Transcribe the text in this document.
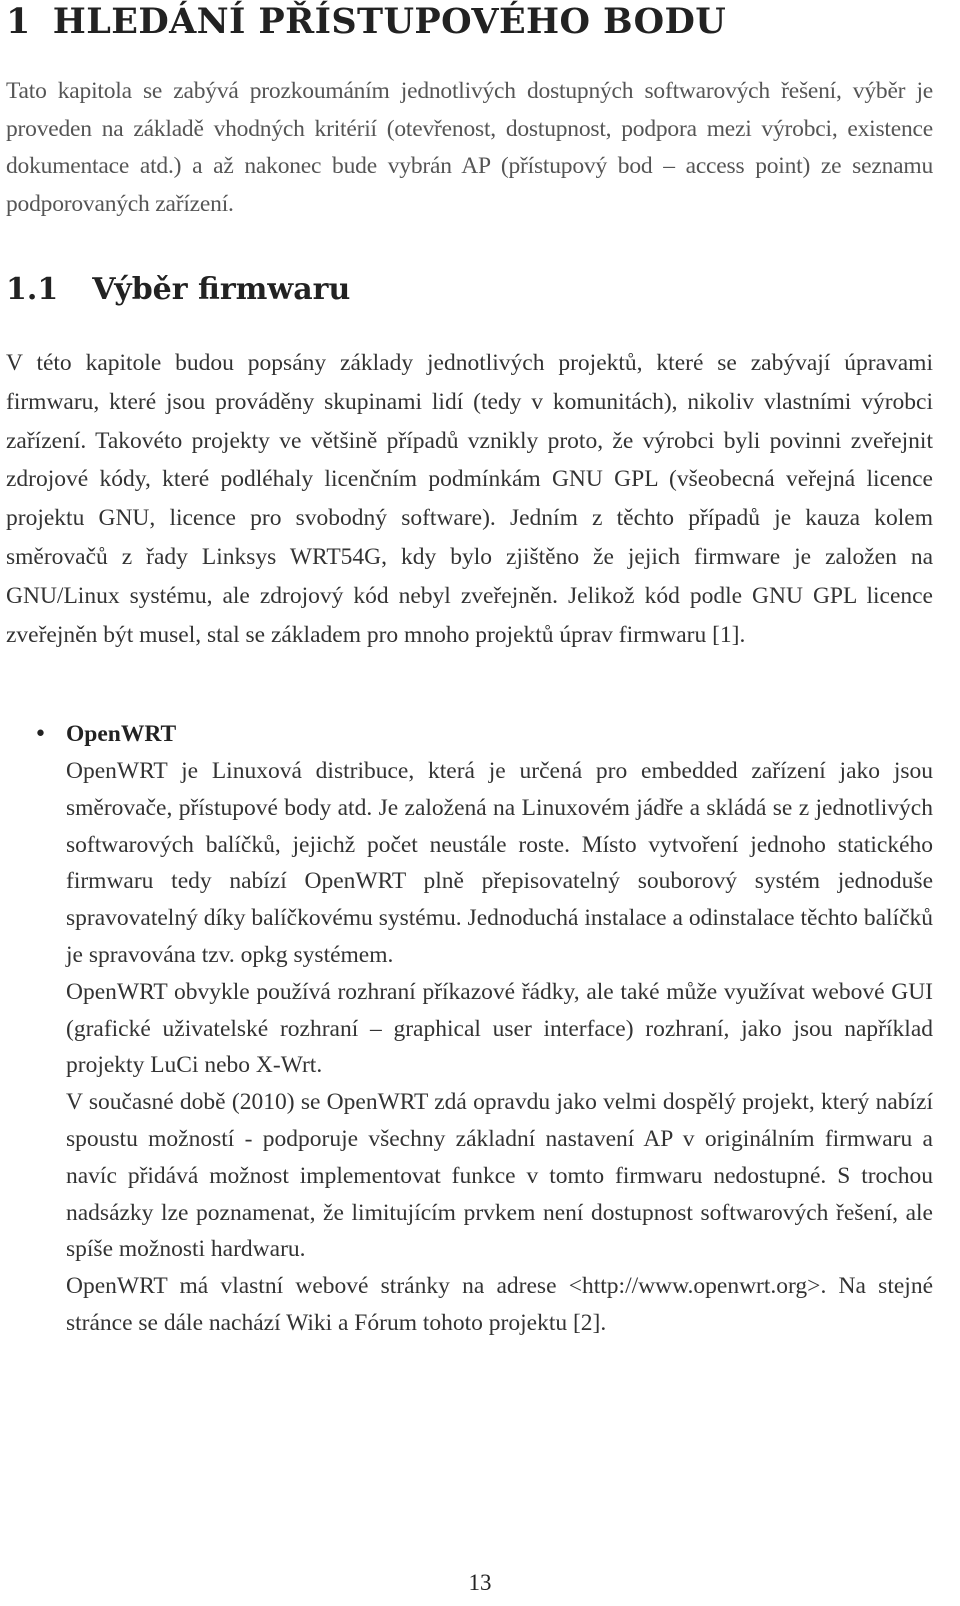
1 HLEDÁNÍ PŘÍSTUPOVÉHO BODU

Tato kapitola se zabývá prozkoumáním jednotlivých dostupných softwarových řešení, výběr je proveden na základě vhodných kritérií (otevřenost, dostupnost, podpora mezi výrobci, existence dokumentace atd.) a až nakonec bude vybrán AP (přístupový bod – access point) ze seznamu podporovaných zařízení.

1.1 Výběr firmwaru

V této kapitole budou popsány základy jednotlivých projektů, které se zabývají úpravami firmwaru, které jsou prováděny skupinami lidí (tedy v komunitách), nikoliv vlastními výrobci zařízení. Takovéto projekty ve většině případů vznikly proto, že výrobci byli povinni zveřejnit zdrojové kódy, které podléhaly licenčním podmínkám GNU GPL (všeobecná veřejná licence projektu GNU, licence pro svobodný software). Jedním z těchto případů je kauza kolem směrovačů z řady Linksys WRT54G, kdy bylo zjištěno že jejich firmware je založen na GNU/Linux systému, ale zdrojový kód nebyl zveřejněn. Jelikož kód podle GNU GPL licence zveřejněn být musel, stal se základem pro mnoho projektů úprav firmwaru [1].

• OpenWRT

OpenWRT je Linuxová distribuce, která je určená pro embedded zařízení jako jsou směrovače, přístupové body atd. Je založená na Linuxovém jádře a skládá se z jednotlivých softwarových balíčků, jejichž počet neustále roste. Místo vytvoření jednoho statického firmwaru tedy nabízí OpenWRT plně přepisovatelný souborový systém jednoduše spravovatelný díky balíčkovému systému. Jednoduchá instalace a odinstalace těchto balíčků je spravována tzv. opkg systémem.

OpenWRT obvykle používá rozhraní příkazové řádky, ale také může využívat webové GUI (grafické uživatelské rozhraní – graphical user interface) rozhraní, jako jsou například projekty LuCi nebo X-Wrt.

V současné době (2010) se OpenWRT zdá opravdu jako velmi dospělý projekt, který nabízí spoustu možností - podporuje všechny základní nastavení AP v originálním firmwaru a navíc přidává možnost implementovat funkce v tomto firmwaru nedostupné. S trochou nadsázky lze poznamenat, že limitujícím prvkem není dostupnost softwarových řešení, ale spíše možnosti hardwaru.

OpenWRT má vlastní webové stránky na adrese <http://www.openwrt.org>. Na stejné stránce se dále nachází Wiki a Fórum tohoto projektu [2].

13
